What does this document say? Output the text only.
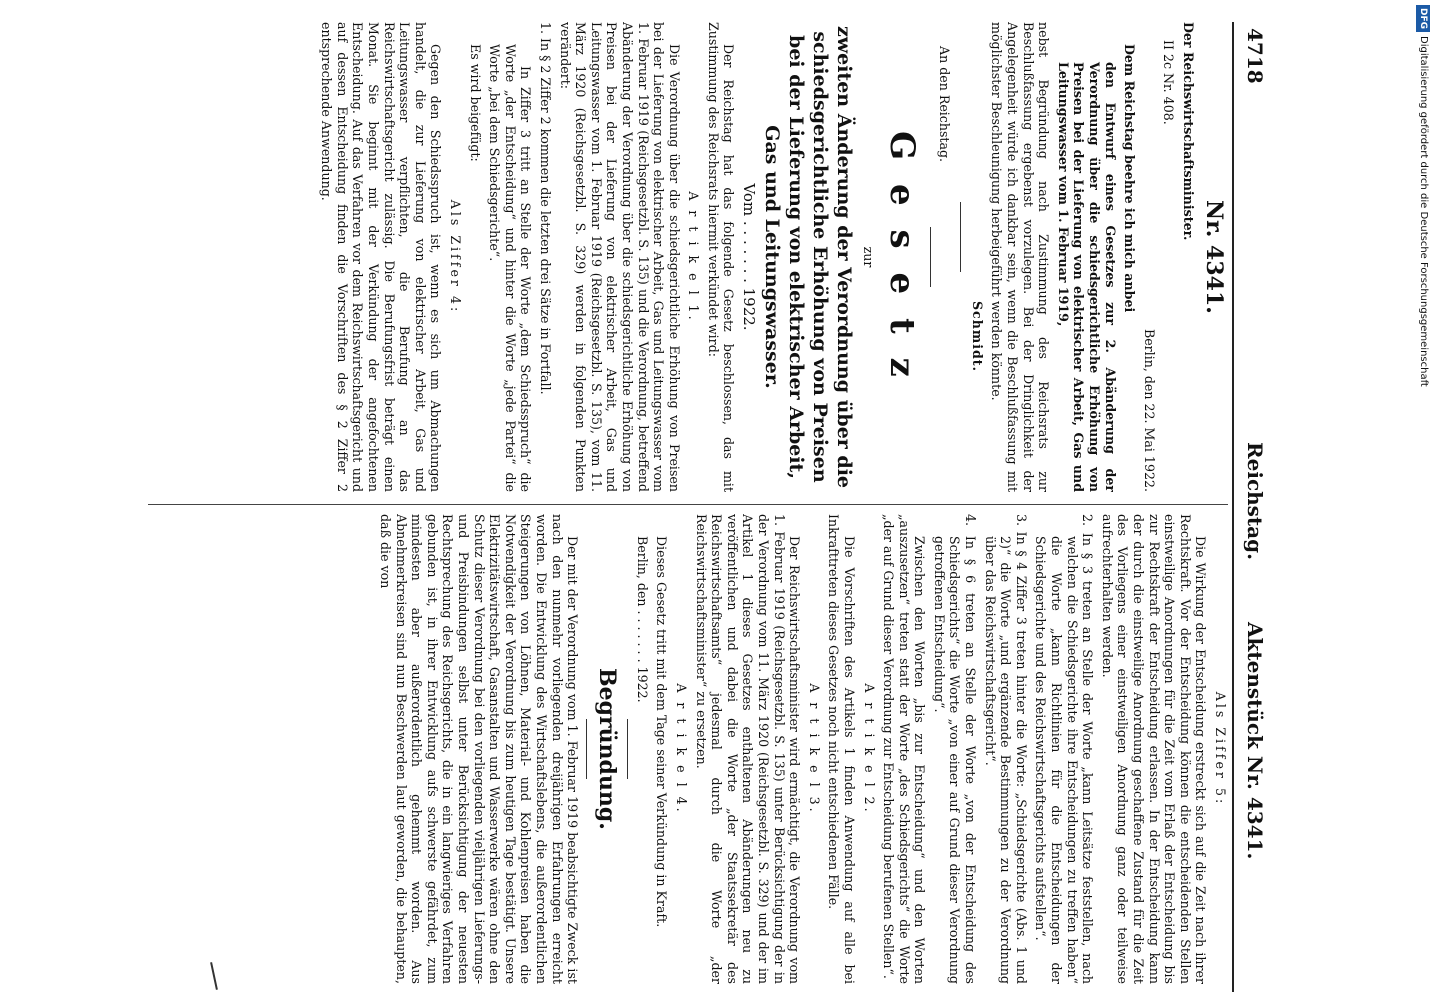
4718
Reichstag.
Aktenstück Nr. 4341.

Nr. 4341.

Der Reichswirtschaftsminister.

II 2c Nr. 408.

Berlin, den 22. Mai 1922.

Dem Reichstag beehre ich mich anbei

den Entwurf eines Gesetzes zur 2. Abänderung der Verordnung über die schiedsgerichtliche Erhöhung von Preisen bei der Lieferung von elektrischer Arbeit, Gas und Leitungswasser vom 1. Februar 1919,

nebst Begründung nach Zustimmung des Reichsrats zur Beschlußfassung ergebenst vorzulegen. Bei der Dringlichkeit der Angelegenheit würde ich dankbar sein, wenn die Beschlußfassung mit möglichster Beschleunigung herbeigeführt werden könnte.

Schmidt.

An den Reichstag.

G e s e t z

zur

zweiten Änderung der Verordnung über die schiedsgerichtliche Erhöhung von Preisen bei der Lieferung von elektrischer Arbeit, Gas und Leitungswasser.

Vom . . . . . . . 1922.

Der Reichstag hat das folgende Gesetz beschlossen, das mit Zustimmung des Reichsrats hiermit verkündet wird:

A r t i k e l 1.

Die Verordnung über die schiedsgerichtliche Erhöhung von Preisen bei der Lieferung von elektrischer Arbeit, Gas und Leitungswasser vom 1. Februar 1919 (Reichsgesetzbl. S. 135) und die Verordnung, betreffend Abänderung der Verordnung über die schiedsgerichtliche Erhöhung von Preisen bei der Lieferung von elektrischer Arbeit, Gas und Leitungswasser vom 1. Februar 1919 (Reichsgesetzbl. S. 135), vom 11. März 1920 (Reichsgesetzbl. S. 329) werden in folgenden Punkten verändert:

1. In § 2 Ziffer 2 kommen die letzten drei Sätze in Fortfall.

In Ziffer 3 tritt an Stelle der Worte „dem Schiedsspruch“ die Worte „der Entscheidung“ und hinter die Worte „jede Partei“ die Worte „bei dem Schiedsgerichte“.

Es wird beigefügt:

Als Ziffer 4:

Gegen den Schiedsspruch ist, wenn es sich um Abmachungen handelt, die zur Lieferung von elektrischer Arbeit, Gas und Leitungswasser verpflichten, die Berufung an das Reichswirtschaftsgericht zulässig. Die Berufungsfrist beträgt einen Monat. Sie beginnt mit der Verkündung der angefochtenen Entscheidung. Auf das Verfahren vor dem Reichswirtschaftsgericht und auf dessen Entscheidung finden die Vorschriften des § 2 Ziffer 2 entsprechende Anwendung.

Als Ziffer 5:

Die Wirkung der Entscheidung erstreckt sich auf die Zeit nach ihrer Rechtskraft. Vor der Entscheidung können die entscheidenden Stellen einstweilige Anordnungen für die Zeit vom Erlaß der Entscheidung bis zur Rechtskraft der Entscheidung erlassen. In der Entscheidung kann der durch die einstweilige Anordnung geschaffene Zustand für die Zeit des Vorliegens einer einstweiligen Anordnung ganz oder teilweise aufrechterhalten werden.

2. In § 3 treten an Stelle der Worte „kann Leitsätze feststellen, nach welchen die Schiedsgerichte ihre Entscheidungen zu treffen haben“ die Worte „kann Richtlinien für die Entscheidungen der Schiedsgerichte und des Reichswirtschaftsgerichts aufstellen“.

3. In § 4 Ziffer 3 treten hinter die Worte: „Schiedsgerichte (Abs. 1 und 2)“ die Worte „und ergänzende Bestimmungen zu der Verordnung über das Reichswirtschaftsgericht“.

4. In § 6 treten an Stelle der Worte „von der Entscheidung des Schiedsgerichts“ die Worte „von einer auf Grund dieser Verordnung getroffenen Entscheidung“.

Zwischen den Worten „bis zur Entscheidung“ und den Worten „auszusetzen“ treten statt der Worte „des Schiedsgerichts“ die Worte „der auf Grund dieser Verordnung zur Entscheidung berufenen Stellen“.

A r t i k e l 2.

Die Vorschriften des Artikels 1 finden Anwendung auf alle bei Inkrafttreten dieses Gesetzes noch nicht entschiedenen Fälle.

A r t i k e l 3.

Der Reichswirtschaftsminister wird ermächtigt, die Verordnung vom 1. Februar 1919 (Reichsgesetzbl. S. 135) unter Berücksichtigung der in der Verordnung vom 11. März 1920 (Reichsgesetzbl. S. 329) und der im Artikel 1 dieses Gesetzes enthaltenen Abänderungen neu zu veröffentlichen und dabei die Worte „der Staatssekretär des Reichswirtschaftsamts“ jedesmal durch die Worte „der Reichswirtschaftsminister“ zu ersetzen.

A r t i k e l 4.

Dieses Gesetz tritt mit dem Tage seiner Verkündung in Kraft.

Berlin, den . . . . . . . 1922.

Begründung.

Der mit der Verordnung vom 1. Februar 1919 beabsichtigte Zweck ist nach den nunmehr vorliegenden dreijährigen Erfahrungen erreicht worden. Die Entwicklung des Wirtschaftslebens, die außerordentlichen Steigerungen von Löhnen, Material- und Kohlenpreisen haben die Notwendigkeit der Verordnung bis zum heutigen Tage bestätigt. Unsere Elektrizitätswirtschaft, Gasanstalten und Wasserwerke wären ohne den Schutz dieser Verordnung bei den vorliegenden vieljährigen Lieferungs- und Preisbindungen selbst unter Berücksichtigung der neuesten Rechtsprechung des Reichsgerichts, die in ein langwieriges Verfahren gebunden ist, in ihrer Entwicklung aufs schwerste gefährdet, zum mindesten aber außerordentlich gehemmt worden. Aus Abnehmerkreisen sind nun Beschwerden laut geworden, die behaupten, daß die von

DFGDigitalisierung gefördert durch die Deutsche Forschungsgemeinschaft
